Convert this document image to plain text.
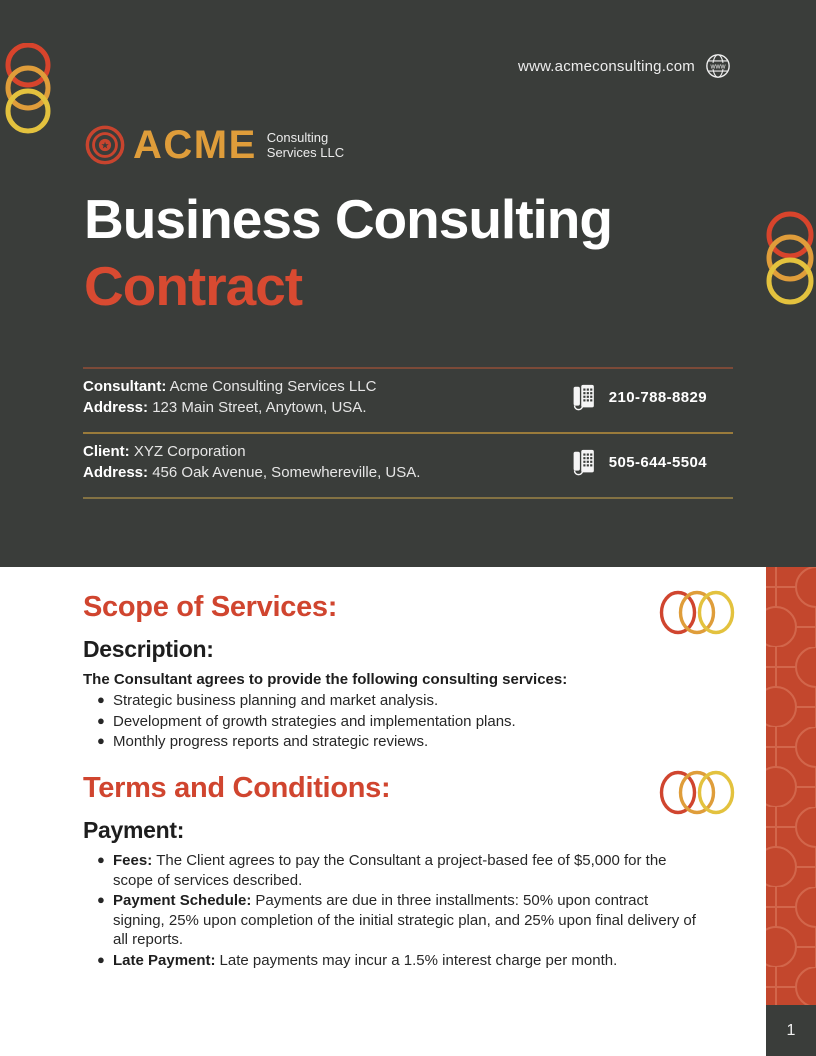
www.acmeconsulting.com www
★ ACME Consulting
Services LLC
Business Consulting
Contract
Consultant: Acme Consulting Services LLC
Address: 123 Main Street, Anytown, USA.
210-788-8829
Client: XYZ Corporation
Address: 456 Oak Avenue, Somewhereville, USA.
505-644-5504
1
Scope of Services:
Description:
The Consultant agrees to provide the following consulting services:
● Strategic business planning and market analysis.
● Development of growth strategies and implementation plans.
● Monthly progress reports and strategic reviews.
Terms and Conditions:
Payment:
● Fees: The Client agrees to pay the Consultant a project-based fee of $5,000 for the scope of services described.
● Payment Schedule: Payments are due in three installments: 50% upon contract signing, 25% upon completion of the initial strategic plan, and 25% upon final delivery of all reports.
● Late Payment: Late payments may incur a 1.5% interest charge per month.
